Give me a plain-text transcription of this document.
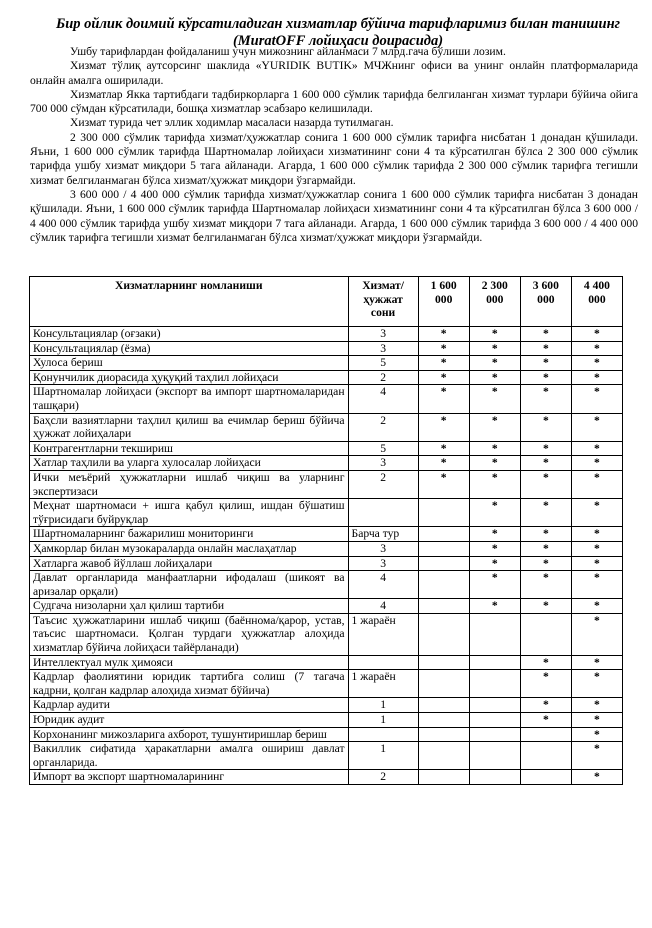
Бир ойлик доимий кўрсатиладиган хизматлар бўйича тарифларимиз билан танишинг (MuratOFF лойиҳаси доирасида)

Ушбу тарифлардан фойдаланиш учун мижознинг айланмаси 7 млрд.гача бўлиши лозим.

Хизмат тўлиқ аутсорсинг шаклида «YURIDIK BUTIK» МЧЖнинг офиси ва унинг онлайн платформаларида онлайн амалга оширилади.

Хизматлар Якка тартибдаги тадбиркорларга 1 600 000 сўмлик тарифда белгиланган хизмат турлари бўйича ойига 700 000 сўмдан кўрсатилади, бошқа хизматлар эсабзаро келишилади.

Хизмат турида чет эллик ходимлар масаласи назарда тутилмаган.

2 300 000 сўмлик тарифда хизмат/ҳужжатлар сонига 1 600 000 сўмлик тарифга нисбатан 1 донадан қўшилади. Яъни, 1 600 000 сўмлик тарифда Шартномалар лойиҳаси хизматининг сони 4 та кўрсатилган бўлса 2 300 000 сўмлик тарифда ушбу хизмат миқдори 5 тага айланади. Агарда, 1 600 000 сўмлик тарифда 2 300 000 сўмлик тарифга тегишли хизмат белгиланмаган бўлса хизмат/ҳужжат миқдори ўзгармайди.

3 600 000 / 4 400 000 сўмлик тарифда хизмат/ҳужжатлар сонига 1 600 000 сўмлик тарифга нисбатан 3 донадан қўшилади. Яъни, 1 600 000 сўмлик тарифда Шартномалар лойиҳаси хизматининг сони 4 та кўрсатилган бўлса 3 600 000 / 4 400 000 сўмлик тарифда ушбу хизмат миқдори 7 тага айланади. Агарда, 1 600 000 сўмлик тарифда 3 600 000 / 4 400 000 сўмлик тарифга тегишли хизмат белгиланмаган бўлса хизмат/ҳужжат миқдори ўзгармайди.

Хизматларнинг номланиши	Хизмат/ ҳужжат сони	1 600 000	2 300 000	3 600 000	4 400 000
Консультациялар (оғзаки)	3	*	*	*	*
Консультациялар (ёзма)	3	*	*	*	*
Хулоса бериш	5	*	*	*	*
Қонунчилик диорасида ҳуқуқий таҳлил лойиҳаси	2	*	*	*	*
Шартномалар лойиҳаси (экспорт ва импорт шартномаларидан ташқари)	4	*	*	*	*
Баҳсли вазиятларни таҳлил қилиш ва ечимлар бериш бўйича ҳужжат лойиҳалари	2	*	*	*	*
Контрагентларни текшириш	5	*	*	*	*
Хатлар таҳлили ва уларга хулосалар лойиҳаси	3	*	*	*	*
Ички меъёрий ҳужжатларни ишлаб чиқиш ва уларнинг экспертизаси	2	*	*	*	*
Меҳнат шартномаси + ишга қабул қилиш, ишдан бўшатиш тўғрисидаги буйруқлар			*	*	*
Шартномаларнинг бажарилиш мониторинги	Барча тур		*	*	*
Ҳамкорлар билан музокараларда онлайн маслаҳатлар	3		*	*	*
Хатларга жавоб йўллаш лойиҳалари	3		*	*	*
Давлат органларида манфаатларни ифодалаш (шикоят ва аризалар орқали)	4		*	*	*
Судгача низоларни ҳал қилиш тартиби	4		*	*	*
Таъсис ҳужжатларини ишлаб чиқиш (баённома/қарор, устав, таъсис шартномаси. Қолган турдаги ҳужжатлар алоҳида хизматлар бўйича лойиҳаси тайёрланади)	1 жараён				*
Интеллектуал мулк ҳимояси				*	*
Кадрлар фаолиятини юридик тартибга солиш (7 тагача кадрни, қолган кадрлар алоҳида хизмат бўйича)	1 жараён			*	*
Кадрлар аудити	1			*	*
Юридик аудит	1			*	*
Корхонанинг мижозларига ахборот, тушунтиришлар бериш					*
Вакиллик сифатида ҳаракатларни амалга ошириш давлат органларида.	1				*
Импорт ва экспорт шартномаларининг	2				*
